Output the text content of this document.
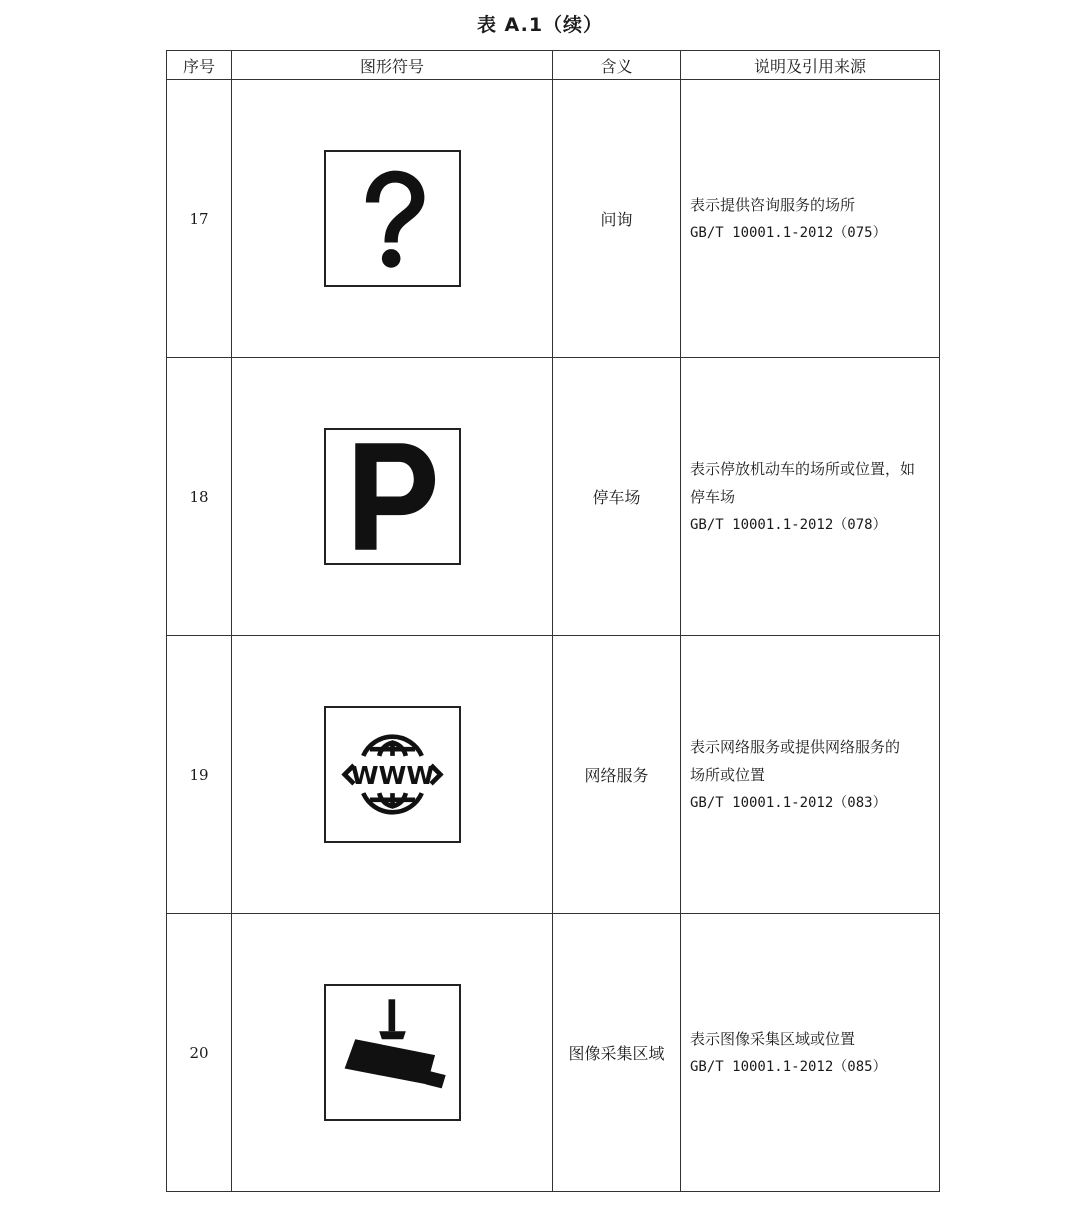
表 A.1（续）
序号	图形符号	含义	说明及引用来源
17		问询	表示提供咨询服务的场所
GB/T 10001.1-2012（075）

18		停车场	表示停放机动车的场所或位置，如
停车场
GB/T 10001.1-2012（078）

19	WWW	网络服务	表示网络服务或提供网络服务的
场所或位置
GB/T 10001.1-2012（083）

20		图像采集区域	表示图像采集区域或位置
GB/T 10001.1-2012（085）
